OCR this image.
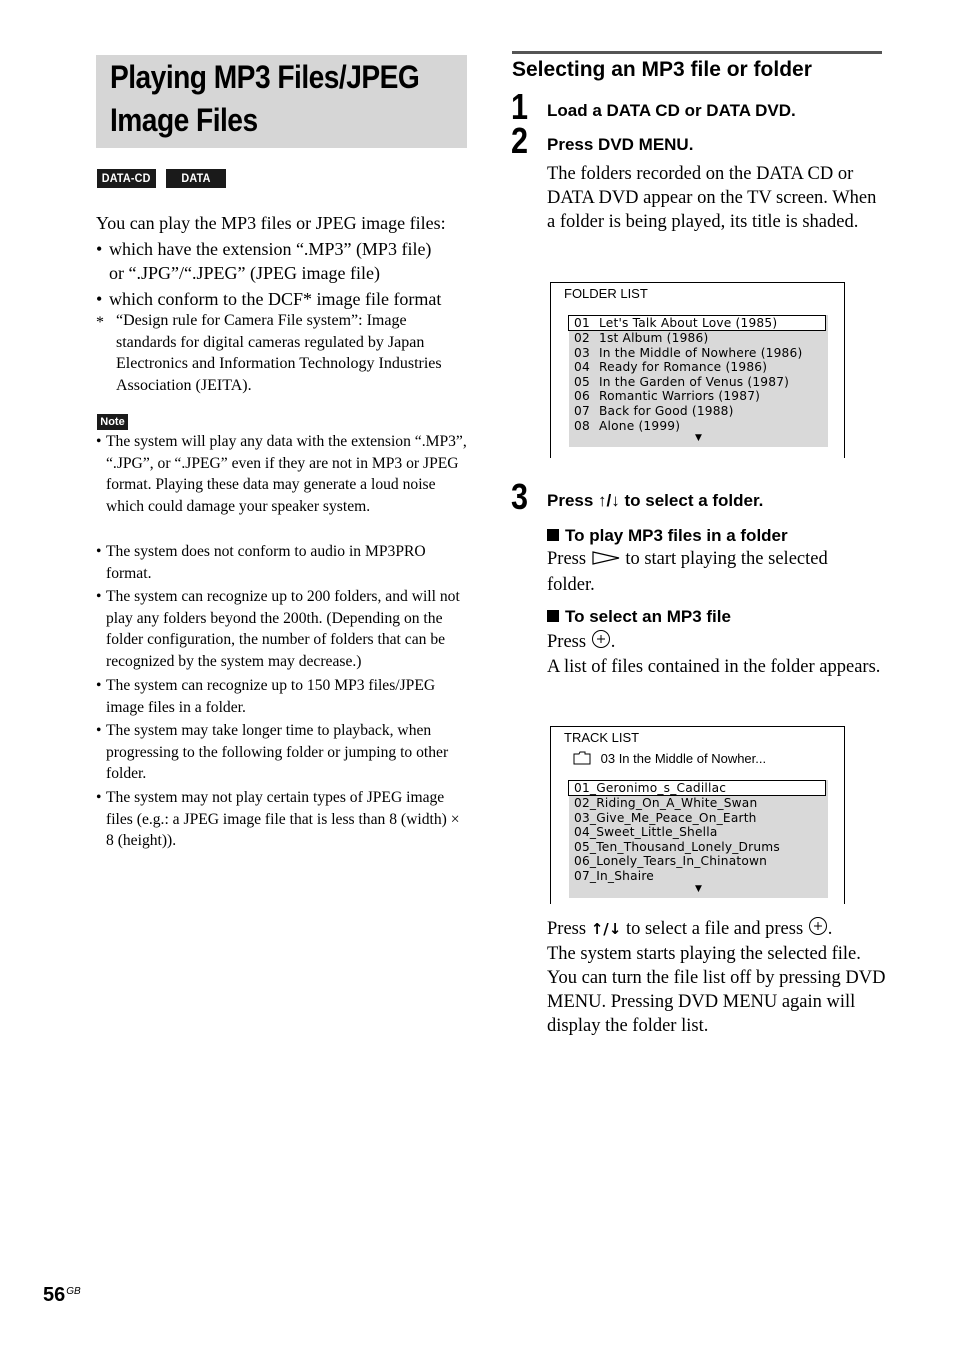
Playing MP3 Files/JPEG
Image Files
DATA-CD	DATA DVD
You can play the MP3 files or JPEG image files:
• which have the extension “.MP3” (MP3 file)
or “.JPG”/“.JPEG” (JPEG image file)
• which conform to the DCF* image file format
* “Design rule for Camera File system”: Image standards for digital cameras regulated by Japan Electronics and Information Technology Industries Association (JEITA).
Note
• The system will play any data with the extension “.MP3”, “.JPG”, or “.JPEG” even if they are not in MP3 or JPEG format. Playing these data may generate a loud noise which could damage your speaker system.
• The system does not conform to audio in MP3PRO format.
• The system can recognize up to 200 folders, and will not play any folders beyond the 200th. (Depending on the folder configuration, the number of folders that can be recognized by the system may decrease.)
• The system can recognize up to 150 MP3 files/JPEG image files in a folder.
• The system may take longer time to playback, when progressing to the following folder or jumping to other folder.
• The system may not play certain types of JPEG image files (e.g.: a JPEG image file that is less than 8 (width) × 8 (height)).
Selecting an MP3 file or folder
1 Load a DATA CD or DATA DVD.
2 Press DVD MENU.
The folders recorded on the DATA CD or DATA DVD appear on the TV screen. When a folder is being played, its title is shaded.
FOLDER LIST
01 Let's Talk About Love (1985)
02 1st Album (1986)
03 In the Middle of Nowhere (1986)
04 Ready for Romance (1986)
05 In the Garden of Venus (1987)
06 Romantic Warriors (1987)
07 Back for Good (1988)
08 Alone (1999)
▼
3 Press ↑/↓ to select a folder.
To play MP3 files in a folder
Press  to start playing the selected
folder.
To select an MP3 file
Press .
A list of files contained in the folder appears.
TRACK LIST
03 In the Middle of Nowher...
01_Geronimo_s_Cadillac
02_Riding_On_A_White_Swan
03_Give_Me_Peace_On_Earth
04_Sweet_Little_Shella
05_Ten_Thousand_Lonely_Drums
06_Lonely_Tears_In_Chinatown
07_In_Shaire
▼
Press ↑/↓ to select a file and press .
The system starts playing the selected file. You can turn the file list off by pressing DVD MENU. Pressing DVD MENU again will display the folder list.
$56^{GB}$
